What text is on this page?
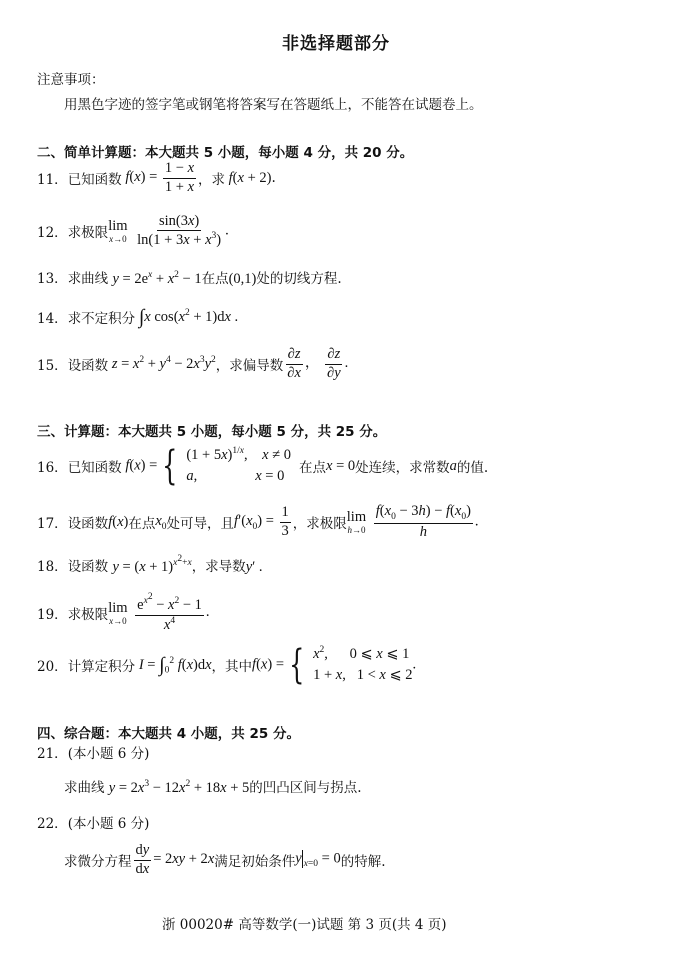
非选择题部分
注意事项：
用黑色字迹的签字笔或钢笔将答案写在答题纸上，不能答在试题卷上。
二、简单计算题：本大题共 5 小题，每小题 4 分，共 20 分。
11． 已知函数 $f(x) = \frac{1 - x}{1 + x}$ ，求 f(x + 2) .
12． 求极限 lim
x→0
$\frac{\sin(3x)}{\ln(1 + 3x + x^3)}$ .
13．求曲线 $y = 2e^x + x^2 - 1$在点(0,1)处的切线方程.
14． 求不定积分 ∫x $\cos(x^2 + 1)dx$ .
15． 设函数 $z = x^2 + y^4 - 2x^3y^2$ ，求偏导数 $\frac{\partial z}{\partial x}$ ， $\frac{\partial z}{\partial y}$ .
三、计算题：本大题共 5 小题，每小题 5 分，共 25 分。
16． 已知函数 f(x) = { $(1 + 5x)^{1/x}$,    x ≠ 0
a,                x = 0	在点 x = 0 处连续，求常数 a 的值.
17． 设函数 f(x) 在点 $x_0$ 处可导，且 $f'(x_0) = \frac{1}{3}$ ，求极限 lim
h→0
$\frac{f(x_0 - 3h) - f(x_0)}{h}$ .
18．设函数 $y = (x + 1)^{x^2+x}$，求导数y′ .
19． 求极限 lim
x→0
$\frac{e^{x^2} - x^2 - 1}{x^4}$ .
20． 计算定积分 $I = \int_0^2$ f(x)dx ，其中 f(x) = { $x^2$,      0 ⩽ x ⩽ 1
1 + x,   1 < x ⩽ 2
.
四、综合题：本大题共 4 小题，共 25 分。
21．(本小题 6 分)
求曲线 $y = 2x^3 - 12x^2 + 18x + 5$的凹凸区间与拐点.
22．(本小题 6 分)
求微分方程 $\frac{dy}{dx} = 2xy + 2x$ 满足初始条件 y $_{x=0}$ = 0 的特解.
浙 00020# 高等数学(一)试题 第 3 页(共 4 页)
